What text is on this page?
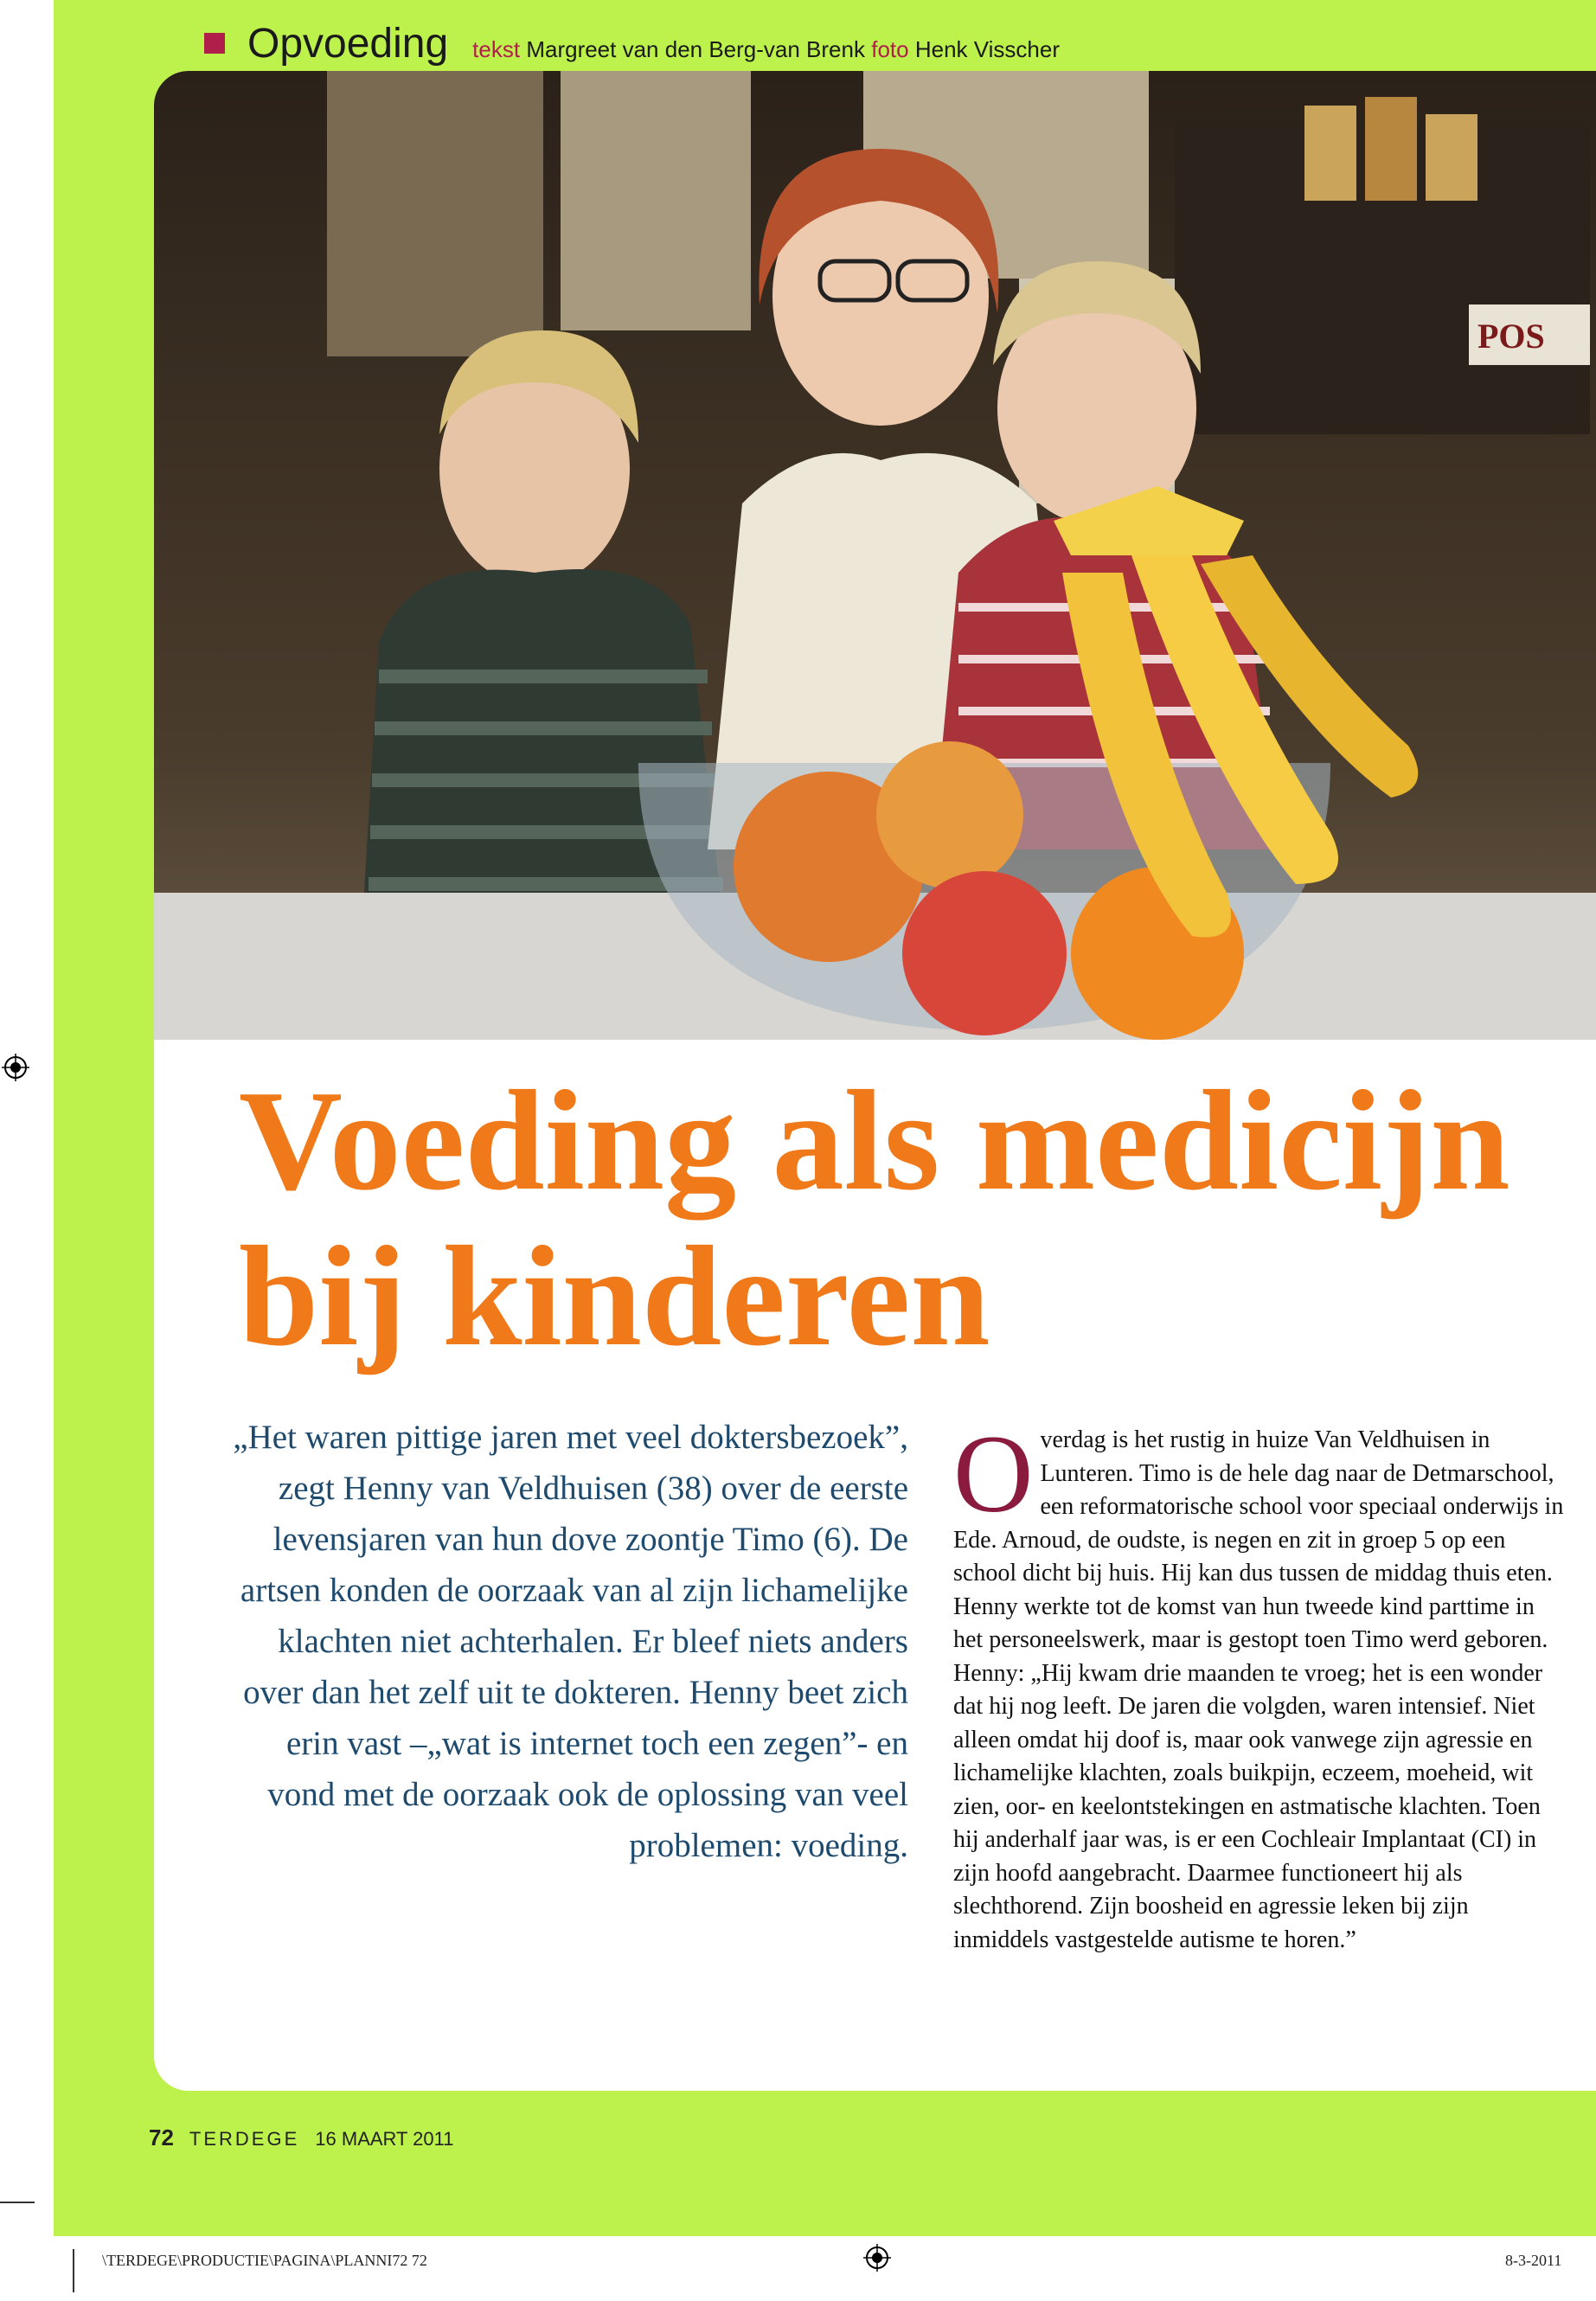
Opvoeding tekst Margreet van den Berg-van Brenk foto Henk Visscher
POS
Voeding als medicijn bij kinderen

„Het waren pittige jaren met veel doktersbezoek”, zegt Henny van Veldhuisen (38) over de eerste levensjaren van hun dove zoontje Timo (6). De artsen konden de oorzaak van al zijn lichamelijke klachten niet achterhalen. Er bleef niets anders over dan het zelf uit te dokteren. Henny beet zich erin vast –„wat is internet toch een zegen”- en vond met de oorzaak ook de oplossing van veel problemen: voeding.

O verdag is het rustig in huize Van Veldhuisen in Lunteren. Timo is de hele dag naar de Detmarschool, een reformatorische school voor speciaal onderwijs in Ede. Arnoud, de oudste, is negen en zit in groep 5 op een school dicht bij huis. Hij kan dus tussen de middag thuis eten. Henny werkte tot de komst van hun tweede kind parttime in het personeelswerk, maar is gestopt toen Timo werd geboren. Henny: „Hij kwam drie maanden te vroeg; het is een wonder dat hij nog leeft. De jaren die volgden, waren intensief. Niet alleen omdat hij doof is, maar ook vanwege zijn agressie en lichamelijke klachten, zoals buikpijn, eczeem, moeheid, wit zien, oor- en keelontstekingen en astmatische klachten. Toen hij anderhalf jaar was, is er een Cochleair Implantaat (CI) in zijn hoofd aangebracht. Daarmee functioneert hij als slechthorend. Zijn boosheid en agressie leken bij zijn inmiddels vastgestelde autisme te horen.”
72 TERDEGE 16 MAART 2011
\TERDEGE\PRODUCTIE\PAGINA\PLANNI72 72	8-3-2011
